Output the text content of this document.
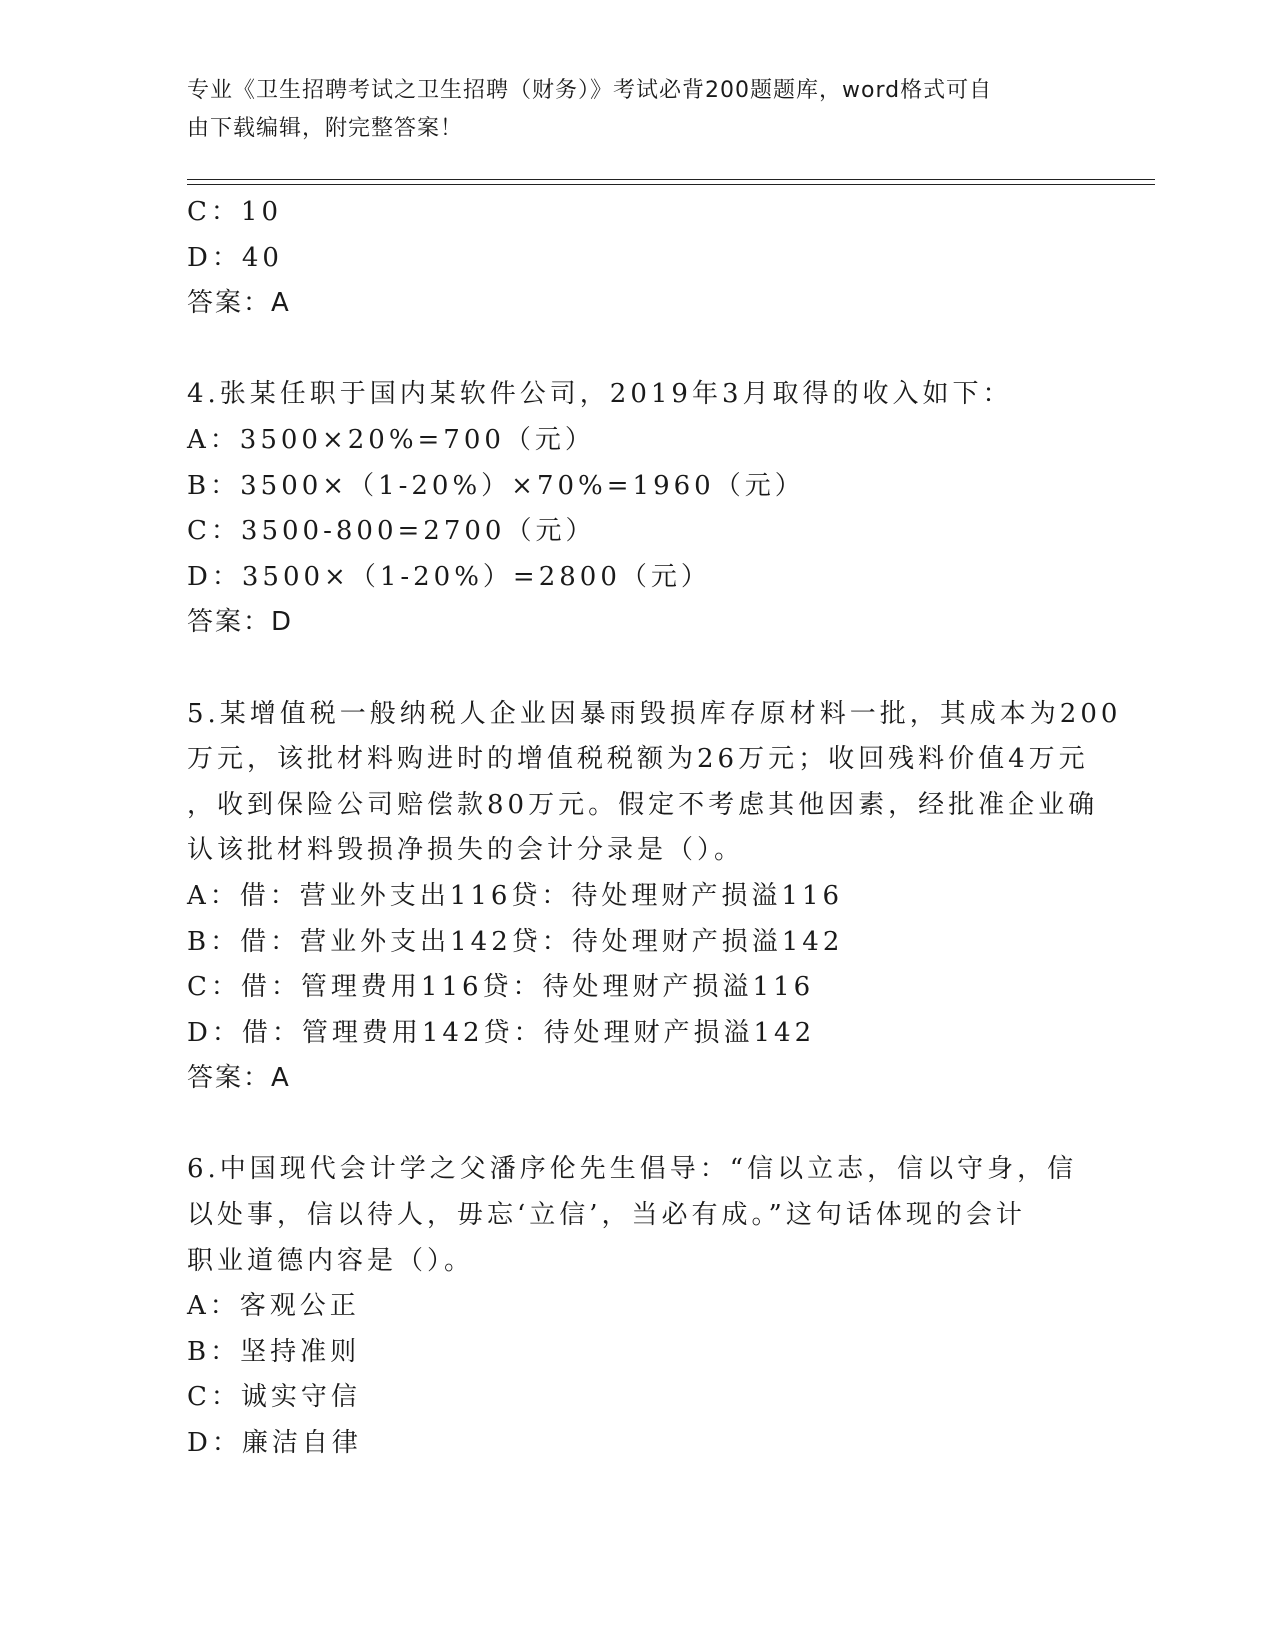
专业《卫生招聘考试之卫生招聘（财务）》考试必背200题题库，word格式可自
由下载编辑，附完整答案！
C：10
D：40
答案：A
4.张某任职于国内某软件公司，2019年3月取得的收入如下：
A：3500×20%=700（元）
B：3500×（1-20%）×70%=1960（元）
C：3500-800=2700（元）
D：3500×（1-20%）=2800（元）
答案：D
5.某增值税一般纳税人企业因暴雨毁损库存原材料一批，其成本为200
万元，该批材料购进时的增值税税额为26万元；收回残料价值4万元
，收到保险公司赔偿款80万元。假定不考虑其他因素，经批准企业确
认该批材料毁损净损失的会计分录是（）。
A：借：营业外支出116贷：待处理财产损溢116
B：借：营业外支出142贷：待处理财产损溢142
C：借：管理费用116贷：待处理财产损溢116
D：借：管理费用142贷：待处理财产损溢142
答案：A
6.中国现代会计学之父潘序伦先生倡导：“信以立志，信以守身，信
以处事，信以待人，毋忘‘立信’，当必有成。”这句话体现的会计
职业道德内容是（）。
A：客观公正
B：坚持准则
C：诚实守信
D：廉洁自律
